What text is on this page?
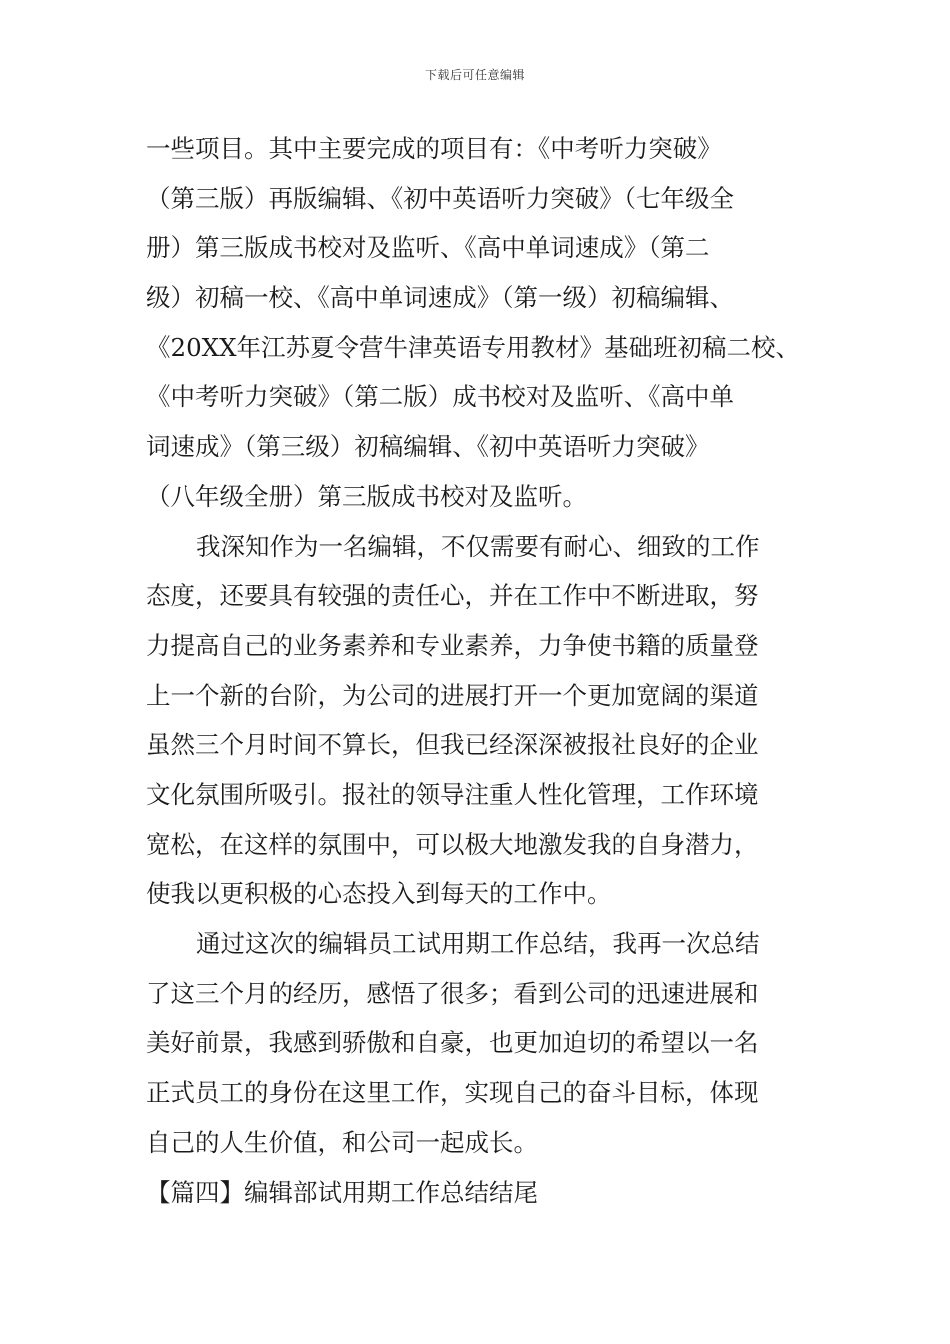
下载后可任意编辑
一些项目。其中主要完成的项目有：《中考听力突破》
（第三版）再版编辑、《初中英语听力突破》（七年级全
册）第三版成书校对及监听、《高中单词速成》（第二
级）初稿一校、《高中单词速成》（第一级）初稿编辑、
《20XX年江苏夏令营牛津英语专用教材》基础班初稿二校、
《中考听力突破》（第二版）成书校对及监听、《高中单
词速成》（第三级）初稿编辑、《初中英语听力突破》
（八年级全册）第三版成书校对及监听。
我深知作为一名编辑，不仅需要有耐心、细致的工作
态度，还要具有较强的责任心，并在工作中不断进取，努
力提高自己的业务素养和专业素养，力争使书籍的质量登
上一个新的台阶，为公司的进展打开一个更加宽阔的渠道
虽然三个月时间不算长，但我已经深深被报社良好的企业
文化氛围所吸引。报社的领导注重人性化管理，工作环境
宽松，在这样的氛围中，可以极大地激发我的自身潜力，
使我以更积极的心态投入到每天的工作中。
通过这次的编辑员工试用期工作总结，我再一次总结
了这三个月的经历，感悟了很多；看到公司的迅速进展和
美好前景，我感到骄傲和自豪，也更加迫切的希望以一名
正式员工的身份在这里工作，实现自己的奋斗目标，体现
自己的人生价值，和公司一起成长。
【篇四】编辑部试用期工作总结结尾
